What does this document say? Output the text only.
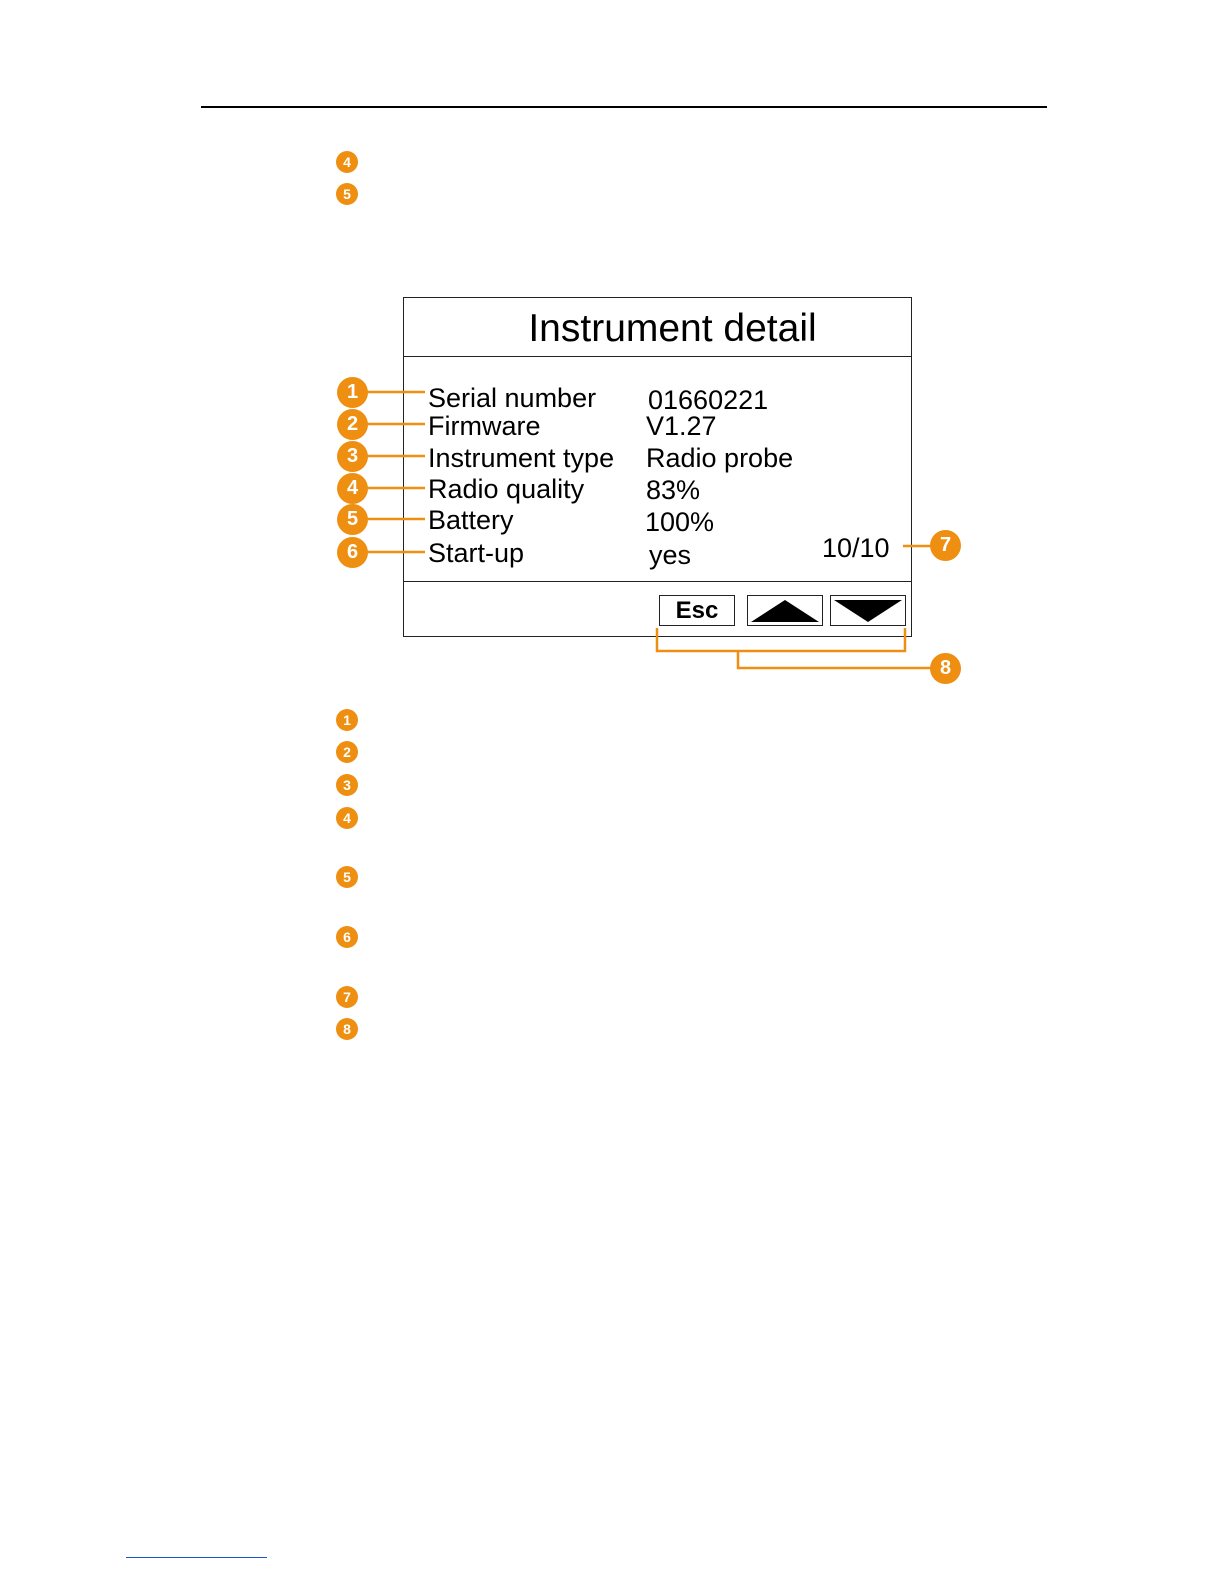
4
5
Instrument detail
Serial number 01660221
Firmware	V1.27
Instrument type Radio probe
Radio quality 83%
Battery	100%
Start-up	yes	10/10
Esc
1
2
3
4
5
6	7
8
1
2
3
4
5
6
7
8
